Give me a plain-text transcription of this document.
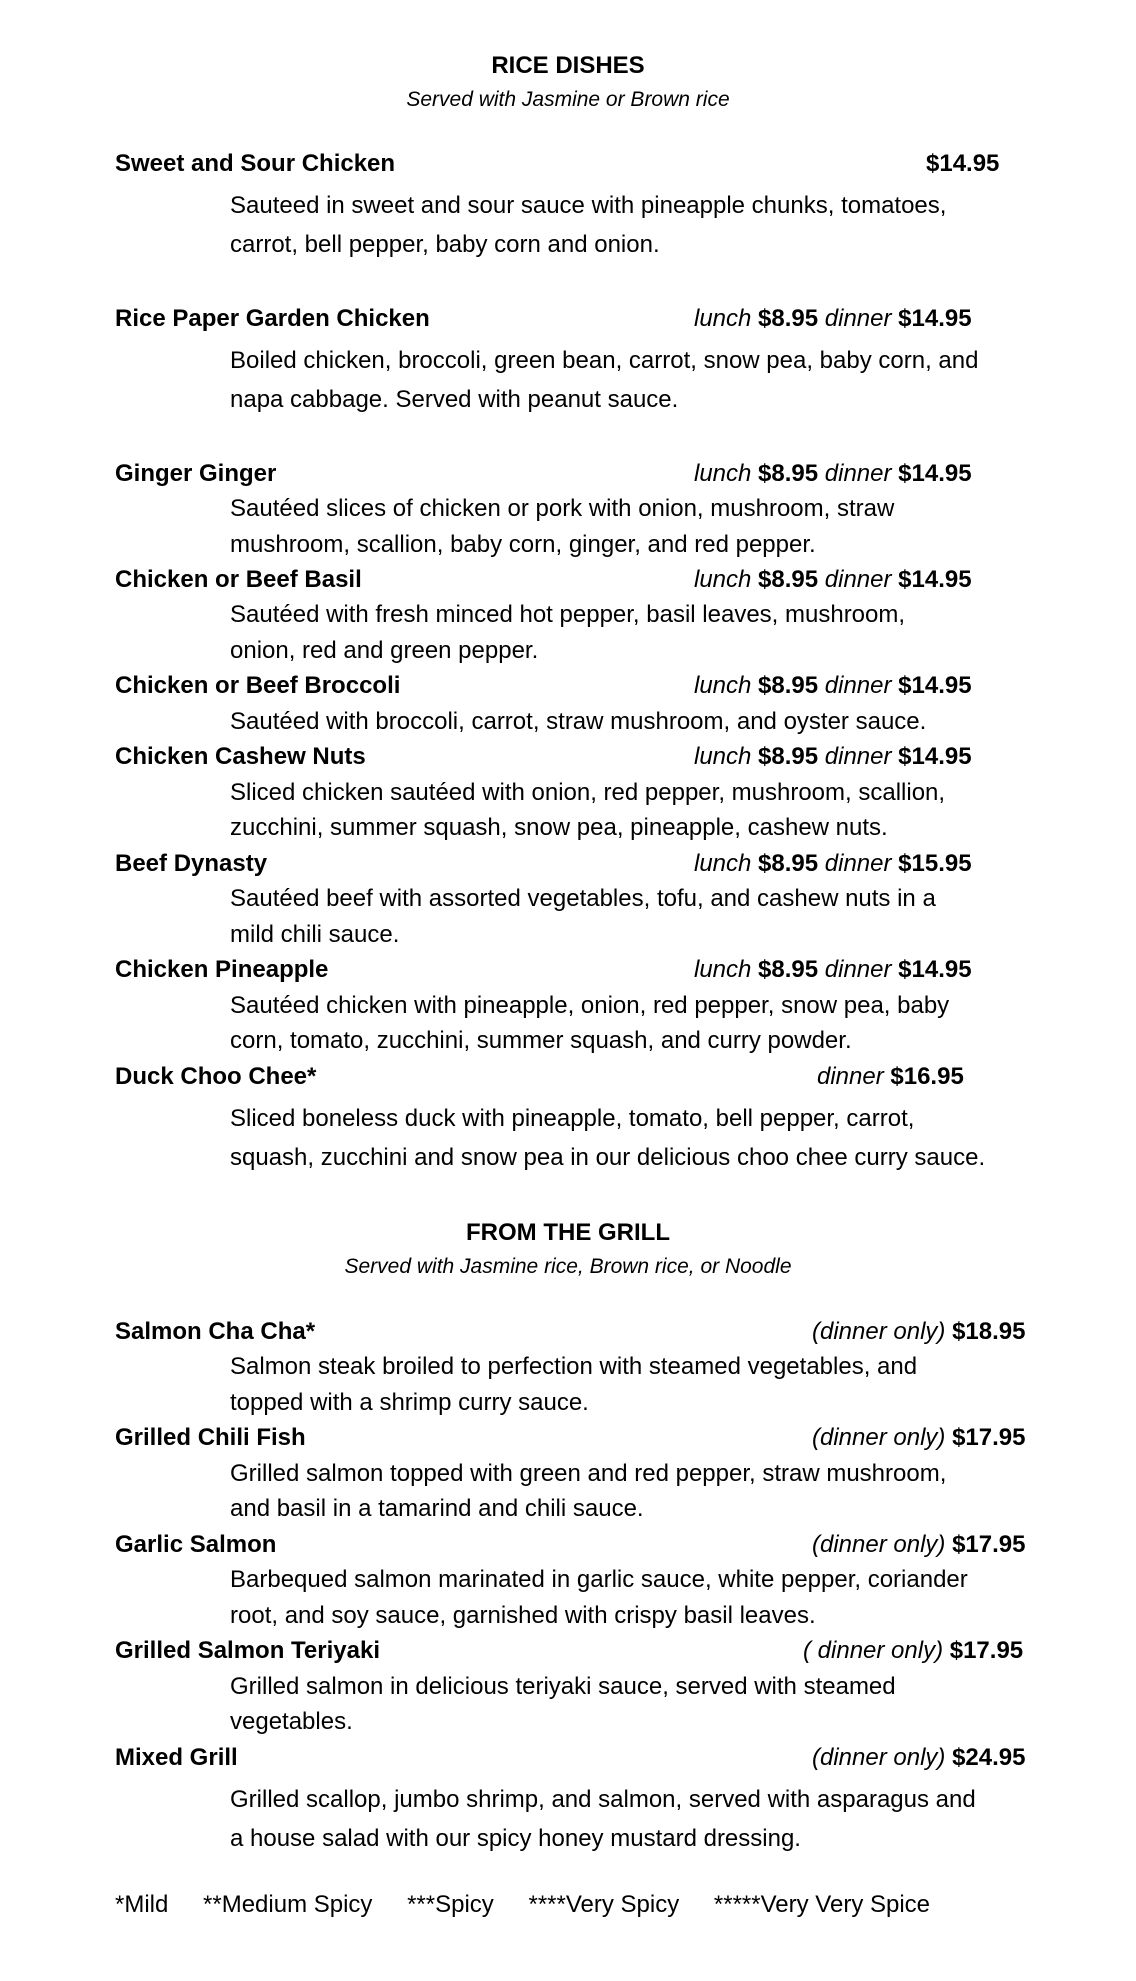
RICE DISHES
Served with Jasmine or Brown rice
Sweet and Sour Chicken	$14.95
Sauteed in sweet and sour sauce with pineapple chunks, tomatoes,
carrot, bell pepper, baby corn and onion.
Rice Paper Garden Chicken	lunch $8.95 dinner $14.95
Boiled chicken, broccoli, green bean, carrot, snow pea, baby corn, and
napa cabbage. Served with peanut sauce.
Ginger Ginger	lunch $8.95 dinner $14.95
Sautéed slices of chicken or pork with onion, mushroom, straw
mushroom, scallion, baby corn, ginger, and red pepper.
Chicken or Beef Basil	lunch $8.95 dinner $14.95
Sautéed with fresh minced hot pepper, basil leaves, mushroom,
onion, red and green pepper.
Chicken or Beef Broccoli	lunch $8.95 dinner $14.95
Sautéed with broccoli, carrot, straw mushroom, and oyster sauce.
Chicken Cashew Nuts	lunch $8.95 dinner $14.95
Sliced chicken sautéed with onion, red pepper, mushroom, scallion,
zucchini, summer squash, snow pea, pineapple, cashew nuts.
Beef Dynasty	lunch $8.95 dinner $15.95
Sautéed beef with assorted vegetables, tofu, and cashew nuts in a
mild chili sauce.
Chicken Pineapple	lunch $8.95 dinner $14.95
Sautéed chicken with pineapple, onion, red pepper, snow pea, baby
corn, tomato, zucchini, summer squash, and curry powder.
Duck Choo Chee*	dinner $16.95
Sliced boneless duck with pineapple, tomato, bell pepper, carrot,
squash, zucchini and snow pea in our delicious choo chee curry sauce.
FROM THE GRILL
Served with Jasmine rice, Brown rice, or Noodle
Salmon Cha Cha*	(dinner only) $18.95
Salmon steak broiled to perfection with steamed vegetables, and
topped with a shrimp curry sauce.
Grilled Chili Fish	(dinner only) $17.95
Grilled salmon topped with green and red pepper, straw mushroom,
and basil in a tamarind and chili sauce.
Garlic Salmon	(dinner only) $17.95
Barbequed salmon marinated in garlic sauce, white pepper, coriander
root, and soy sauce, garnished with crispy basil leaves.
Grilled Salmon Teriyaki	( dinner only) $17.95
Grilled salmon in delicious teriyaki sauce, served with steamed
vegetables.
Mixed Grill	(dinner only) $24.95
Grilled scallop, jumbo shrimp, and salmon, served with asparagus and
a house salad with our spicy honey mustard dressing.
*Mild **Medium Spicy ***Spicy ****Very Spicy *****Very Very Spice
